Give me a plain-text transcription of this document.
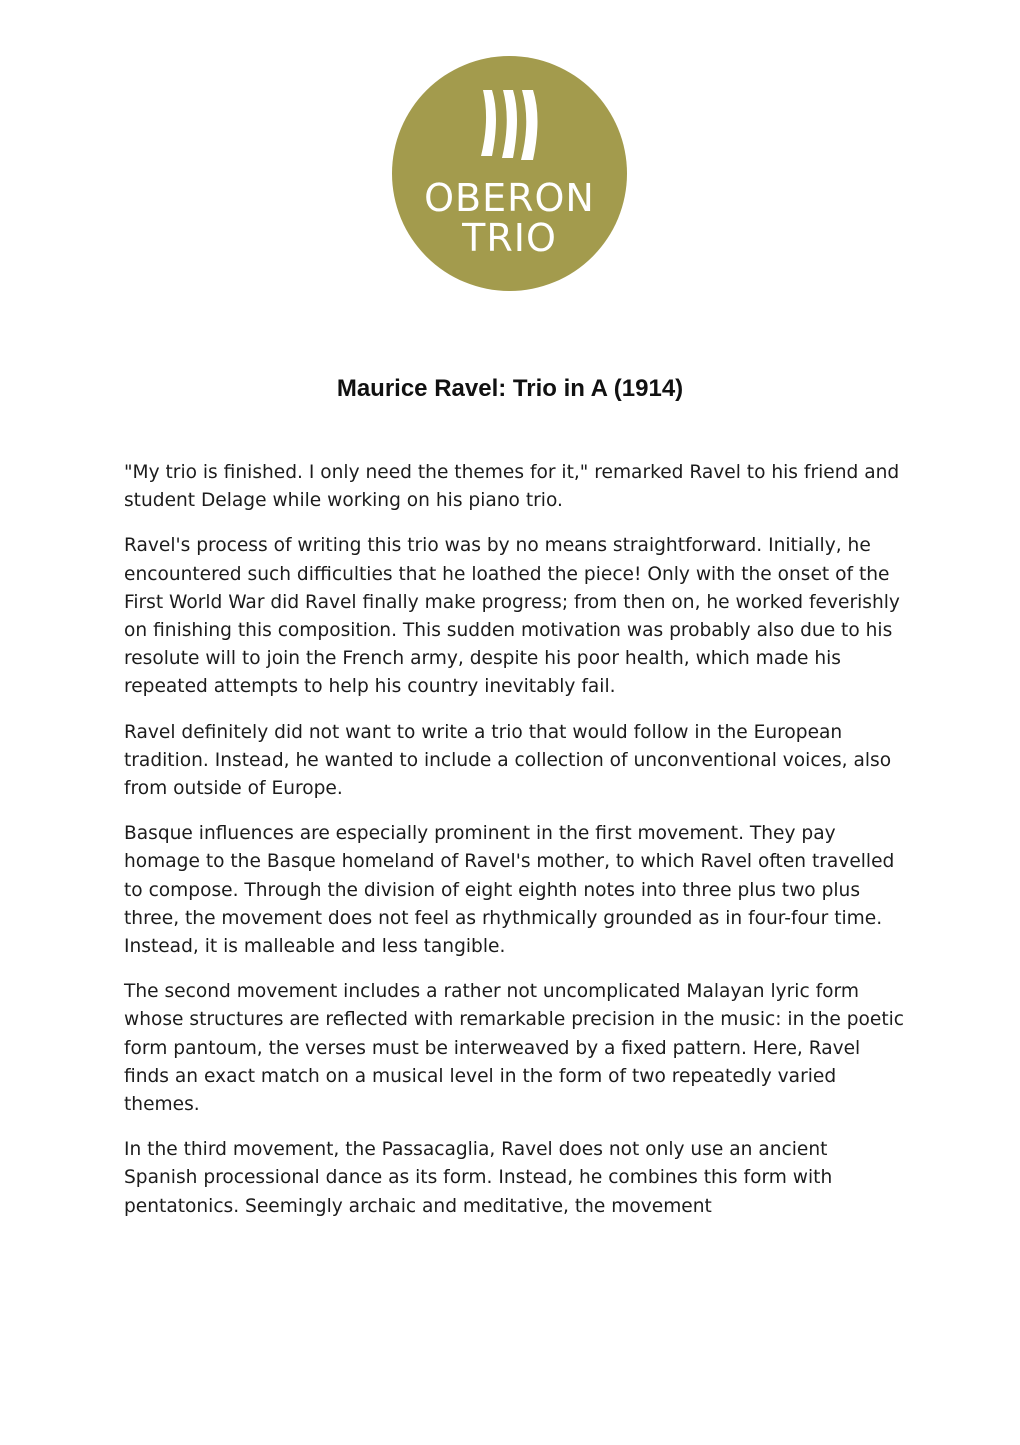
OBERON
TRIO
Maurice Ravel: Trio in A (1914)

"My trio is finished. I only need the themes for it," remarked Ravel to his friend and student Delage while working on his piano trio.

Ravel's process of writing this trio was by no means straightforward. Initially, he encountered such difficulties that he loathed the piece! Only with the onset of the First World War did Ravel finally make progress; from then on, he worked feverishly on finishing this composition. This sudden motivation was probably also due to his resolute will to join the French army, despite his poor health, which made his repeated attempts to help his country inevitably fail.

Ravel definitely did not want to write a trio that would follow in the European tradition. Instead, he wanted to include a collection of unconventional voices, also from outside of Europe.

Basque influences are especially prominent in the first movement. They pay homage to the Basque homeland of Ravel's mother, to which Ravel often travelled to compose. Through the division of eight eighth notes into three plus two plus three, the movement does not feel as rhythmically grounded as in four-four time. Instead, it is malleable and less tangible.

The second movement includes a rather not uncomplicated Malayan lyric form whose structures are reflected with remarkable precision in the music: in the poetic form pantoum, the verses must be interweaved by a fixed pattern. Here, Ravel finds an exact match on a musical level in the form of two repeatedly varied themes.

In the third movement, the Passacaglia, Ravel does not only use an ancient Spanish processional dance as its form. Instead, he combines this form with pentatonics. Seemingly archaic and meditative, the movement
